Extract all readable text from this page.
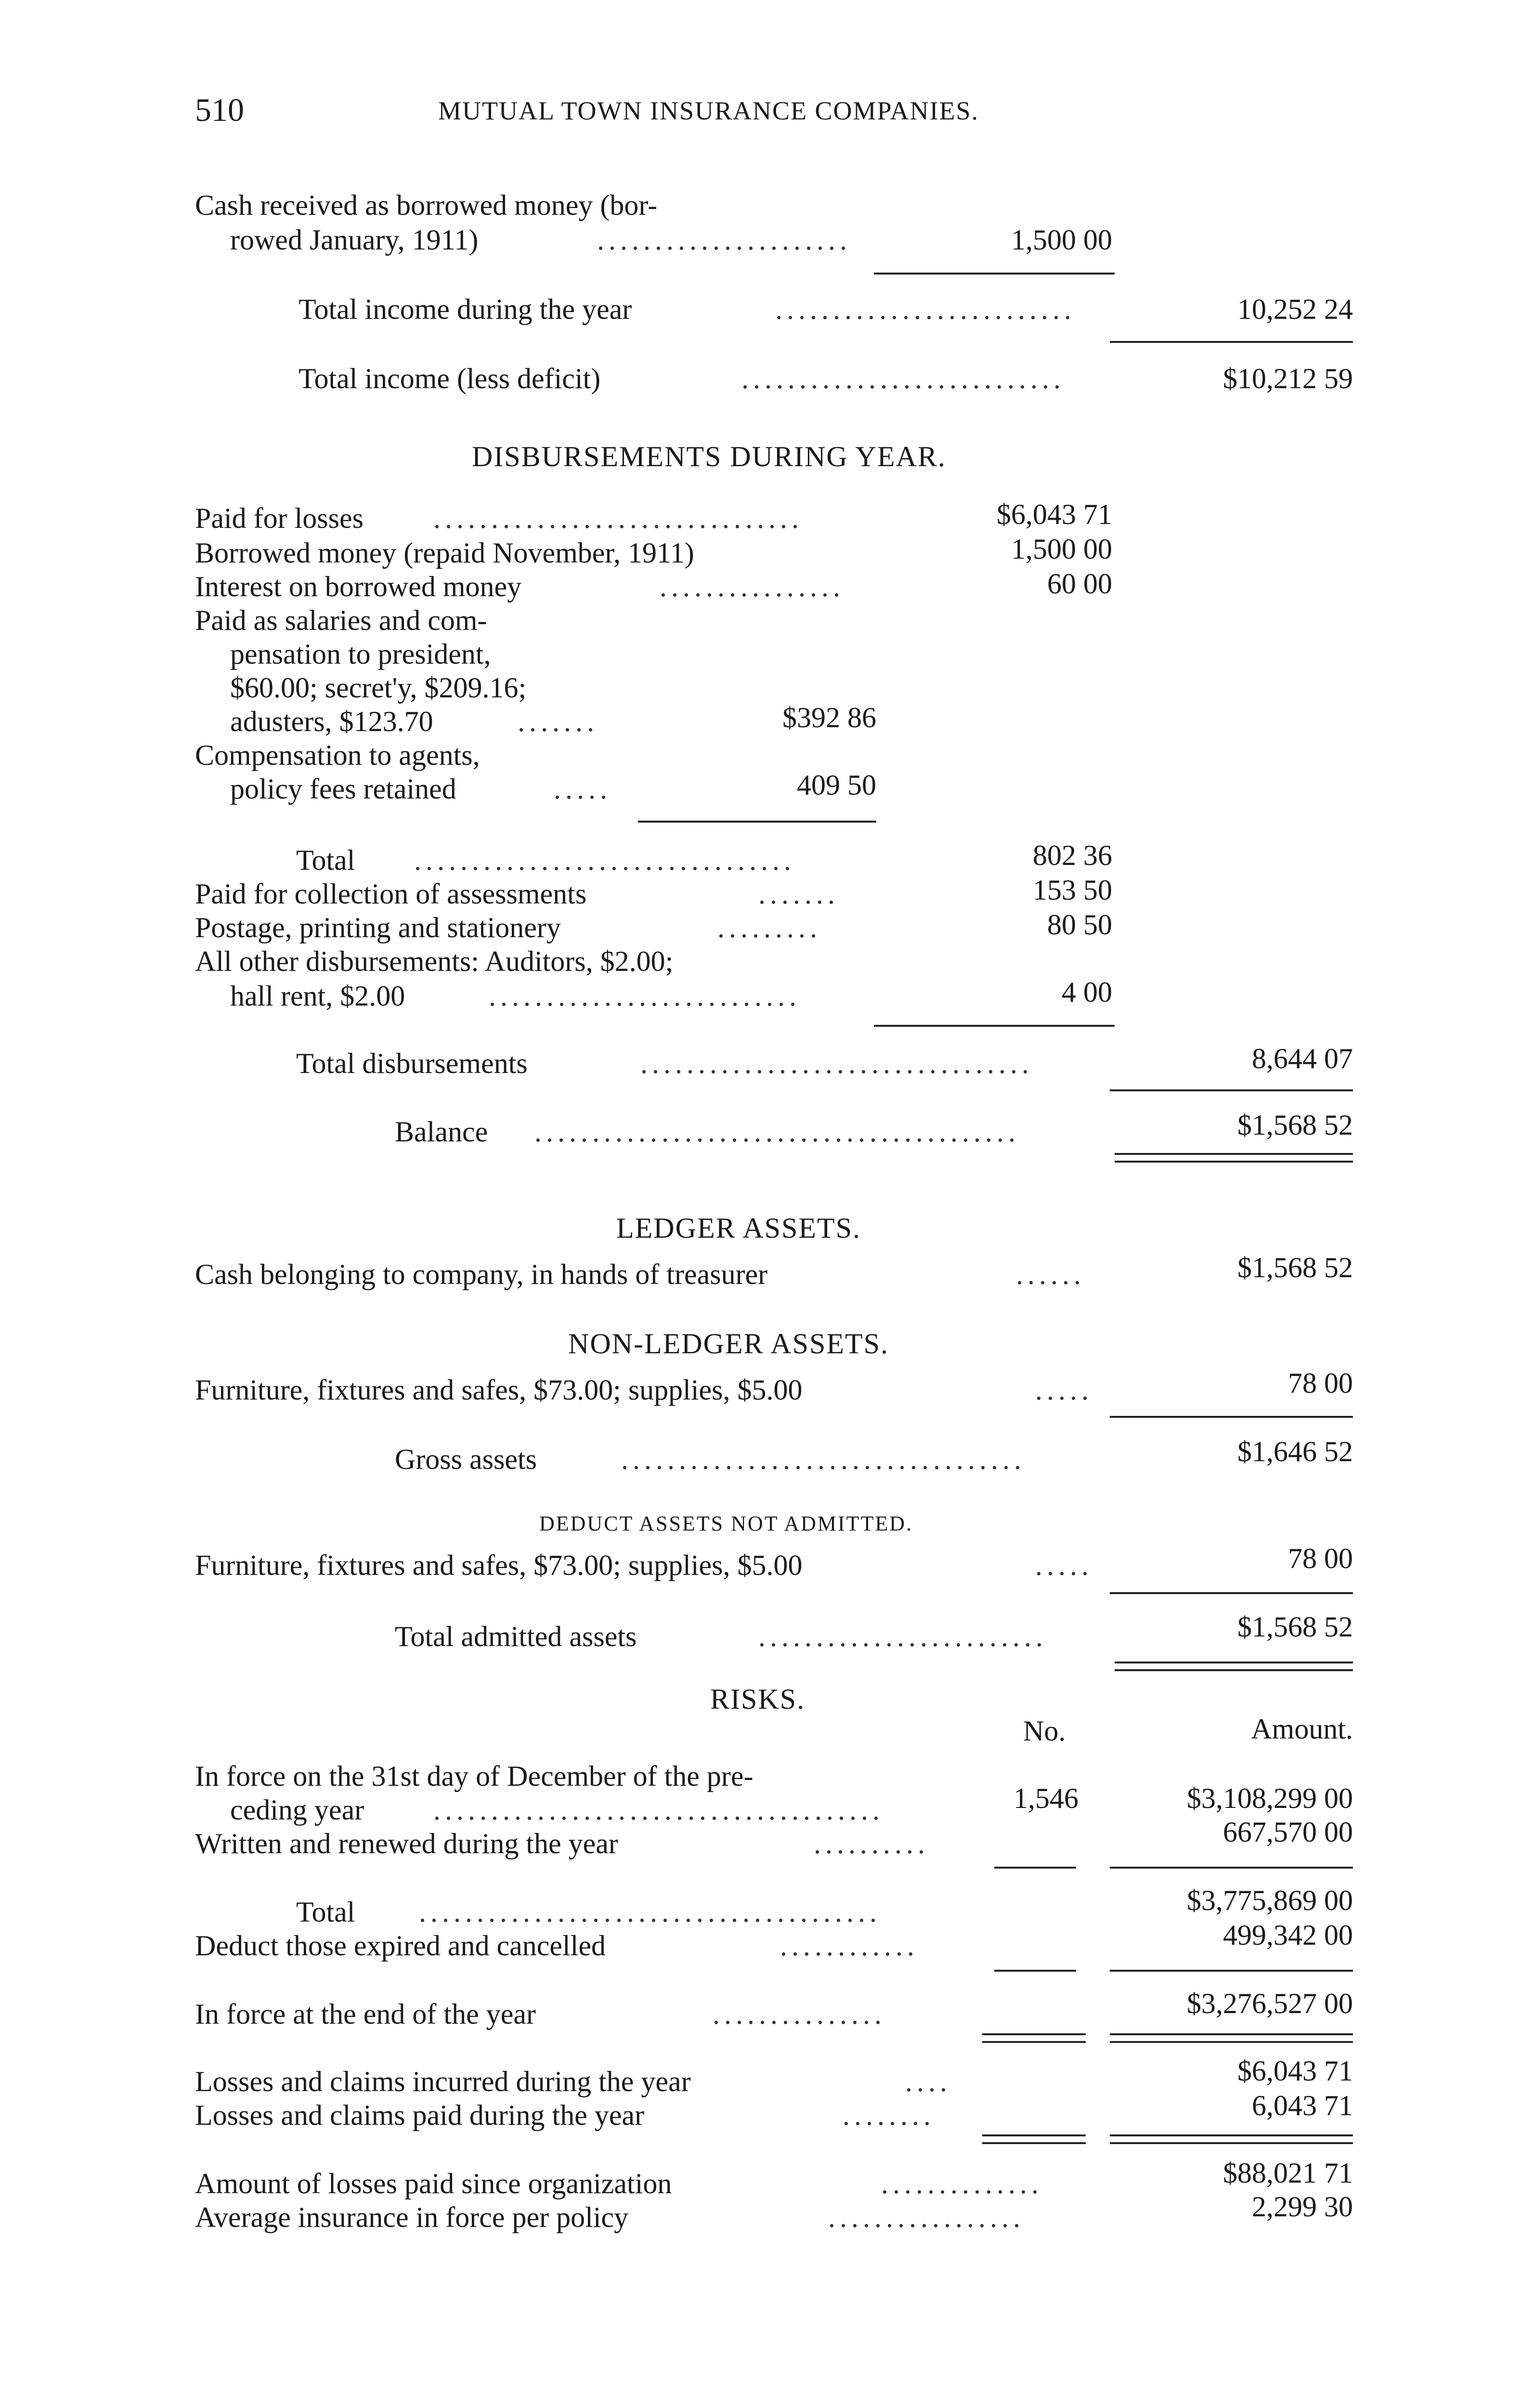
510	MUTUAL TOWN INSURANCE COMPANIES.
Cash received as borrowed money (bor-
rowed January, 1911)	......................	1,500 00
Total income during the year	..........................	10,252 24
Total income (less deficit)	............................	$10,212 59
DISBURSEMENTS DURING YEAR.
Paid for losses ................................	$6,043 71
Borrowed money (repaid November, 1911)	1,500 00
Interest on borrowed money	................	60 00
Paid as salaries and com-
pensation to president,
$60.00; secret'y, $209.16;
adusters, $123.70	.......	$392 86
Compensation to agents,
policy fees retained	.....	409 50
Total .................................	802 36
Paid for collection of assessments	.......	153 50
Postage, printing and stationery	.........	80 50
All other disbursements: Auditors, $2.00;
hall rent, $2.00	...........................	4 00
Total disbursements	..................................	8,644 07
Balance ..........................................	$1,568 52
LEDGER ASSETS.
Cash belonging to company, in hands of treasurer	......	$1,568 52
NON-LEDGER ASSETS.
Furniture, fixtures and safes, $73.00; supplies, $5.00	.....	78 00
Gross assets	...................................	$1,646 52
DEDUCT ASSETS NOT ADMITTED.
Furniture, fixtures and safes, $73.00; supplies, $5.00	.....	78 00
Total admitted assets	.........................	$1,568 52
RISKS.
No.	Amount.
In force on the 31st day of December of the pre-
ceding year .......................................	1,546	$3,108,299 00
Written and renewed during the year	..........	667,570 00
Total ........................................	$3,775,869 00
Deduct those expired and cancelled	............	499,342 00
In force at the end of the year	...............	$3,276,527 00
Losses and claims incurred during the year	....	$6,043 71
Losses and claims paid during the year	........	6,043 71
Amount of losses paid since organization	..............	$88,021 71
Average insurance in force per policy	.................	2,299 30
